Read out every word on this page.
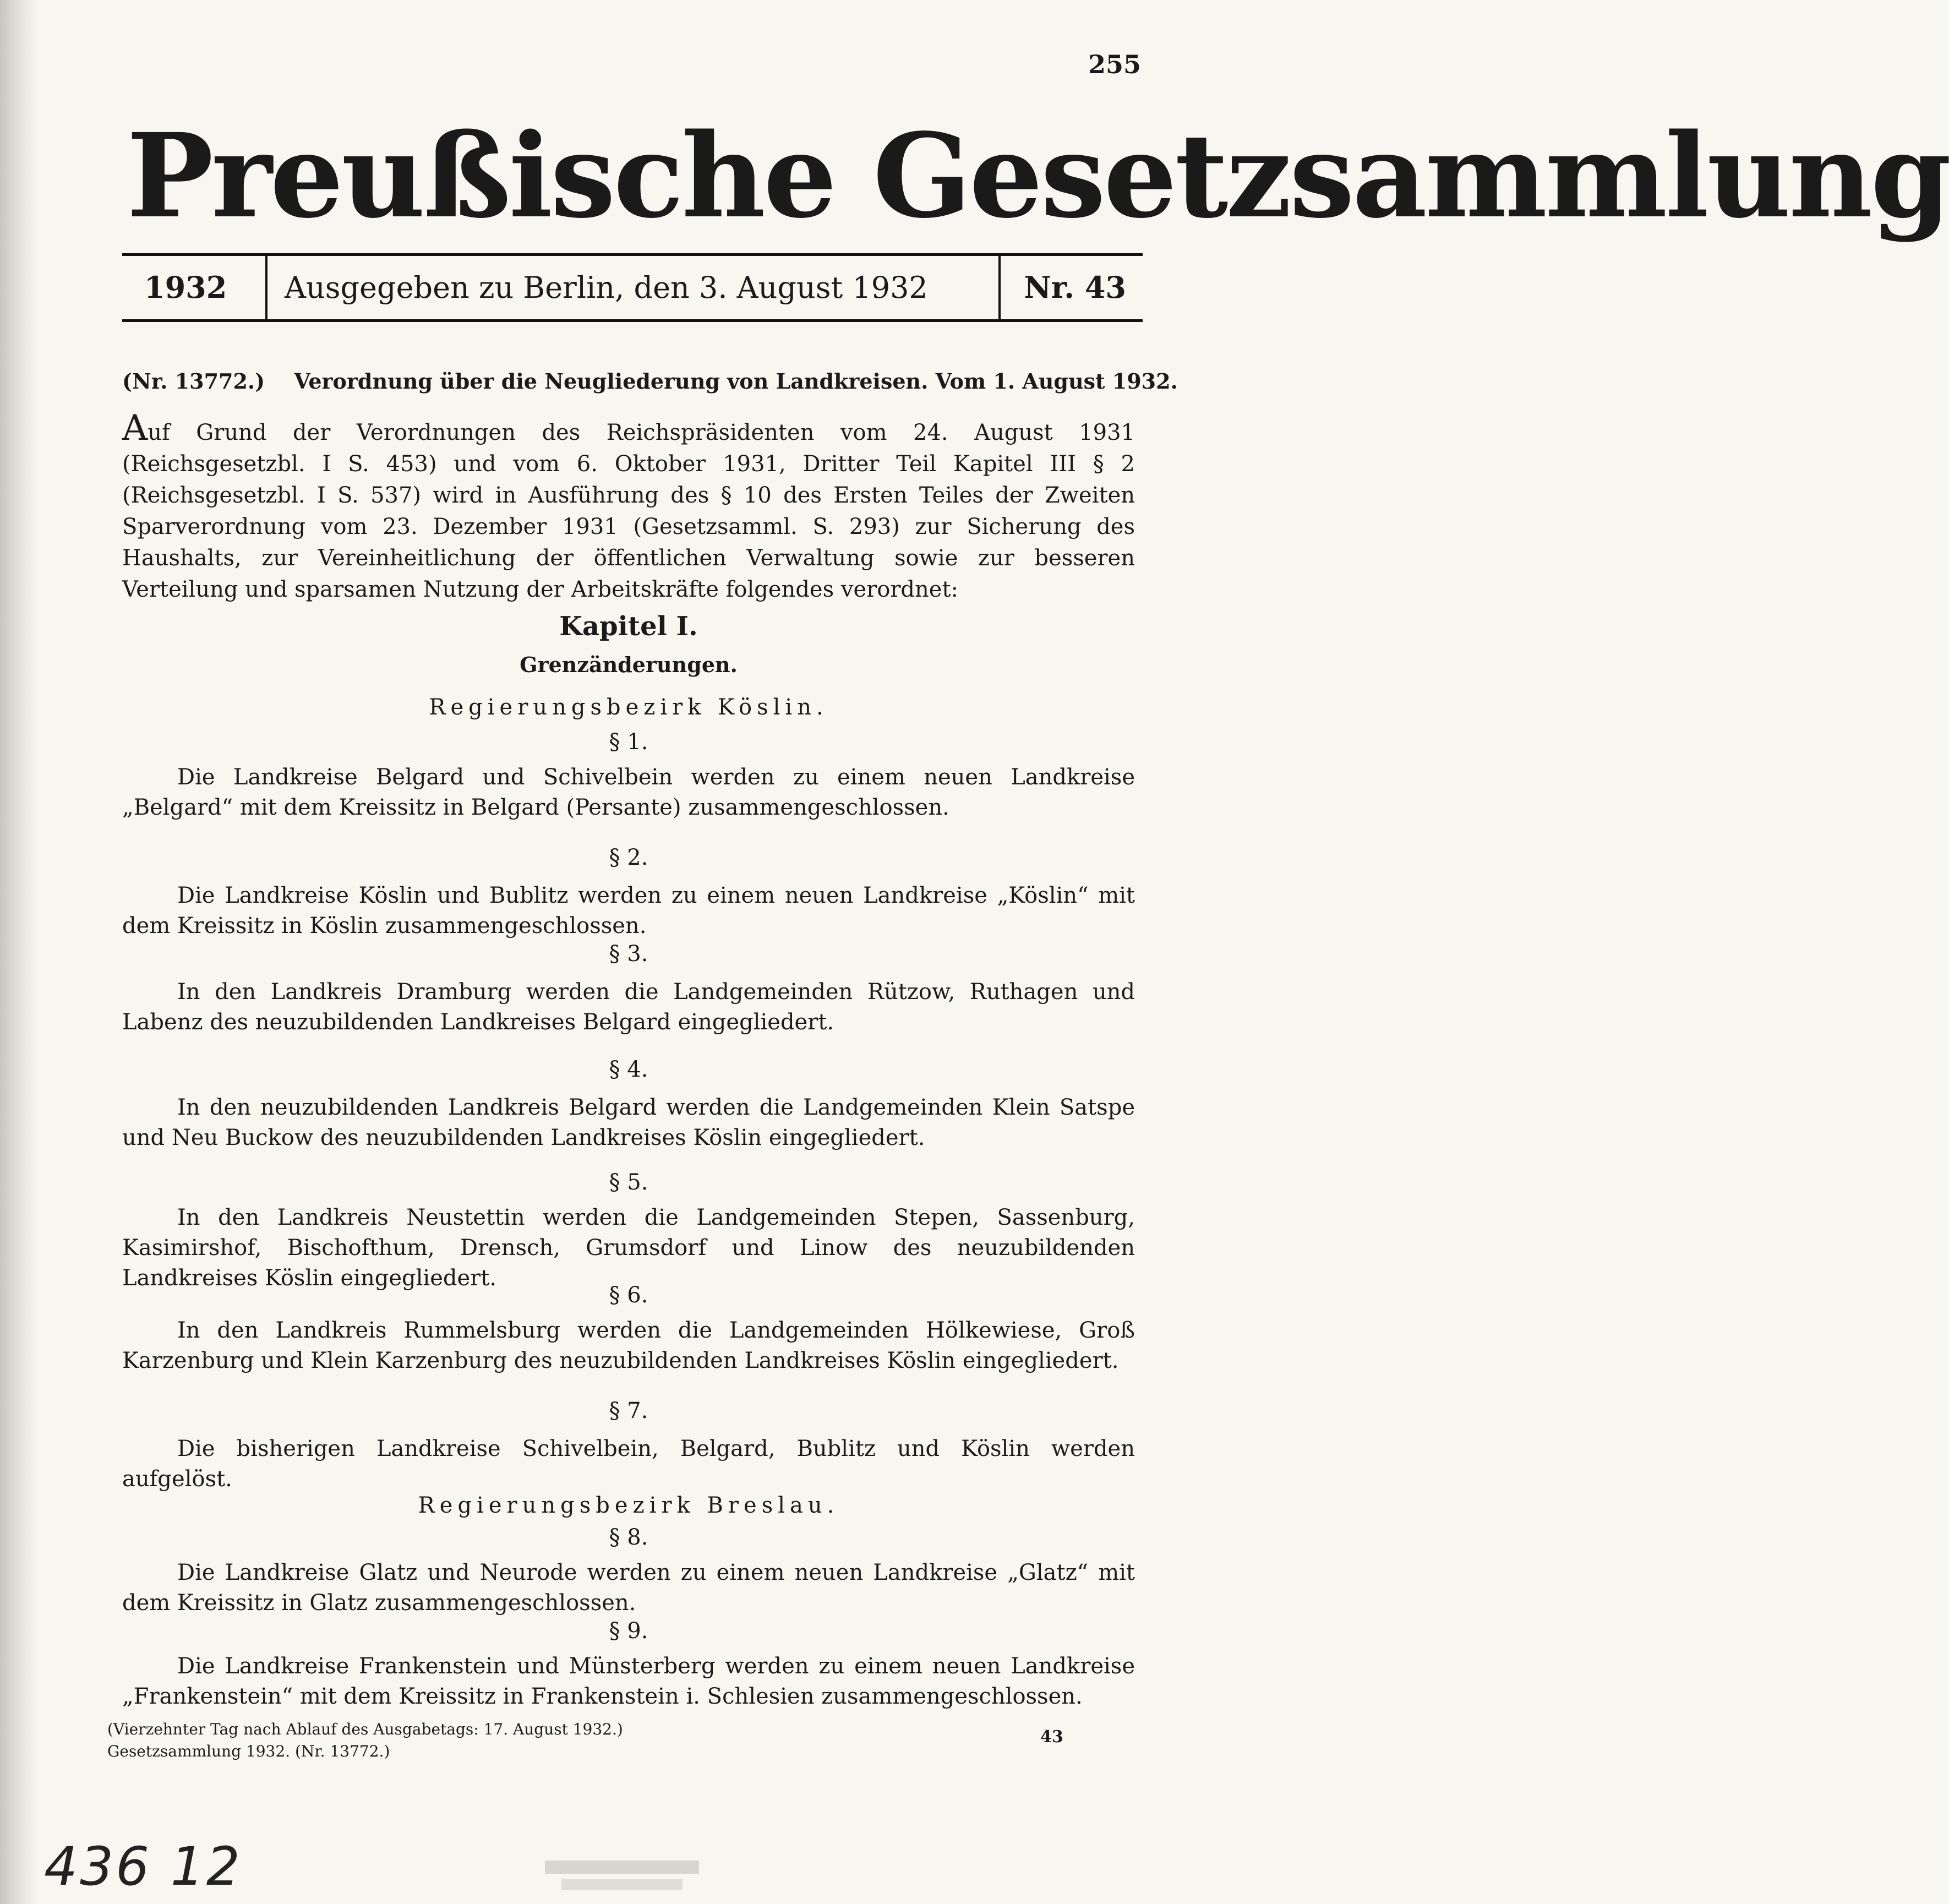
255
Preußische Gesetzsammlung
1932 Ausgegeben zu Berlin, den 3. August 1932	Nr. 43
(Nr. 13772.) Verordnung über die Neugliederung von Landkreisen. Vom 1. August 1932.
Auf Grund der Verordnungen des Reichspräsidenten vom 24. August 1931 (Reichsgesetzbl. I S. 453) und vom 6. Oktober 1931, Dritter Teil Kapitel III § 2 (Reichsgesetzbl. I S. 537) wird in Ausführung des § 10 des Ersten Teiles der Zweiten Sparverordnung vom 23. Dezember 1931 (Gesetzsamml. S. 293) zur Sicherung des Haushalts, zur Vereinheitlichung der öffentlichen Verwaltung sowie zur besseren Verteilung und sparsamen Nutzung der Arbeitskräfte folgendes verordnet:
Kapitel I.
Grenzänderungen.
Regierungsbezirk Köslin.
§ 1.
Die Landkreise Belgard und Schivelbein werden zu einem neuen Landkreise „Belgard“ mit dem Kreissitz in Belgard (Persante) zusammengeschlossen.
§ 2.
Die Landkreise Köslin und Bublitz werden zu einem neuen Landkreise „Köslin“ mit dem Kreissitz in Köslin zusammengeschlossen.
§ 3.
In den Landkreis Dramburg werden die Landgemeinden Rützow, Ruthagen und Labenz des neuzubildenden Landkreises Belgard eingegliedert.
§ 4.
In den neuzubildenden Landkreis Belgard werden die Landgemeinden Klein Satspe und Neu Buckow des neuzubildenden Landkreises Köslin eingegliedert.
§ 5.
In den Landkreis Neustettin werden die Landgemeinden Stepen, Sassenburg, Kasimirshof, Bischofthum, Drensch, Grumsdorf und Linow des neuzubildenden Landkreises Köslin eingegliedert.
§ 6.
In den Landkreis Rummelsburg werden die Landgemeinden Hölkewiese, Groß Karzenburg und Klein Karzenburg des neuzubildenden Landkreises Köslin eingegliedert.
§ 7.
Die bisherigen Landkreise Schivelbein, Belgard, Bublitz und Köslin werden aufgelöst.
Regierungsbezirk Breslau.
§ 8.
Die Landkreise Glatz und Neurode werden zu einem neuen Landkreise „Glatz“ mit dem Kreissitz in Glatz zusammengeschlossen.
§ 9.
Die Landkreise Frankenstein und Münsterberg werden zu einem neuen Landkreise „Frankenstein“ mit dem Kreissitz in Frankenstein i. Schlesien zusammengeschlossen.
(Vierzehnter Tag nach Ablauf des Ausgabetags: 17. August 1932.)
Gesetzsammlung 1932. (Nr. 13772.)
43
436 12
